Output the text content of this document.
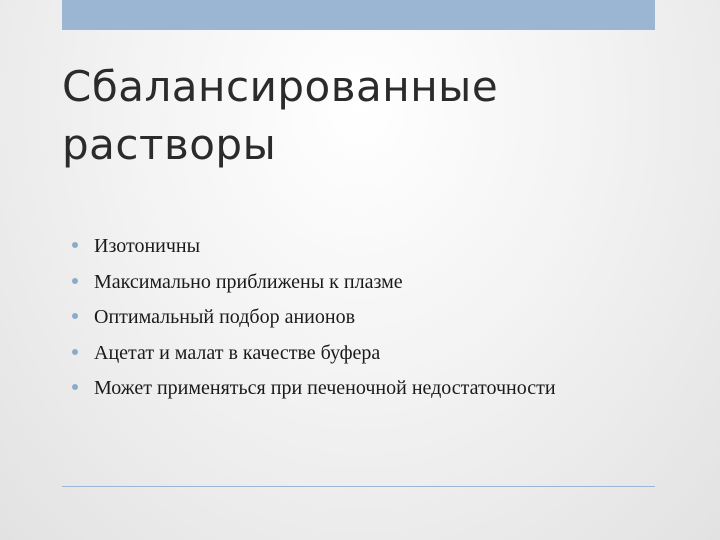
Сбалансированные
растворы
Изотоничны
Максимально приближены к плазме
Оптимальный подбор анионов
Ацетат и малат в качестве буфера
Может применяться при печеночной недостаточности
